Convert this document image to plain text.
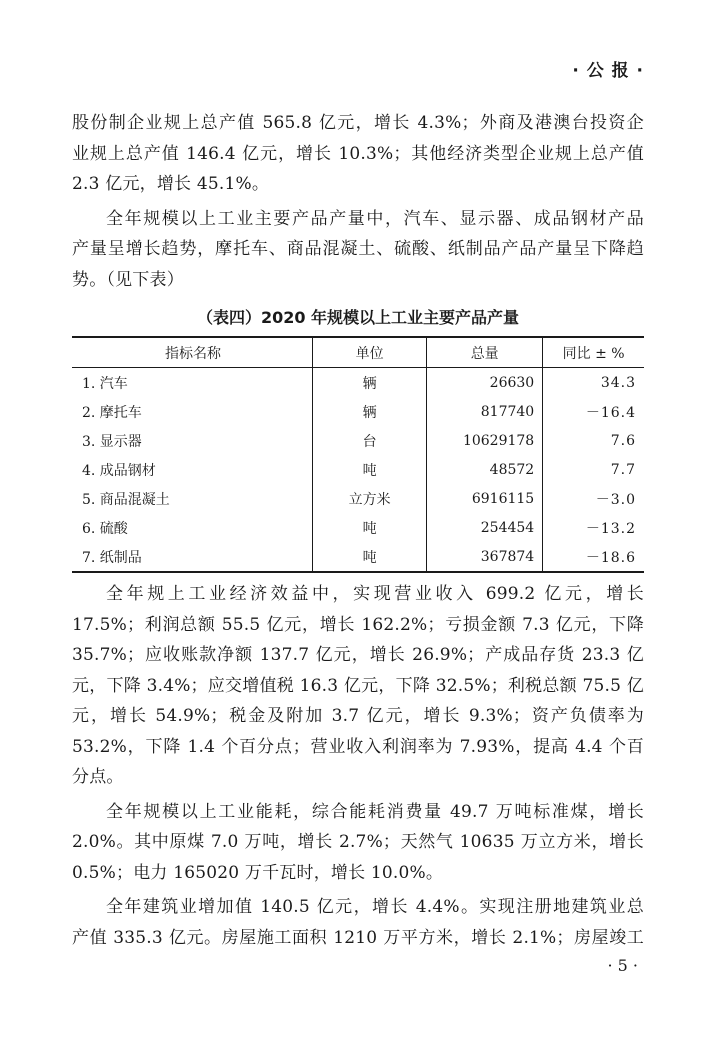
· 公 报 ·

股份制企业规上总产值 565.8 亿元，增长 4.3%；外商及港澳台投资企

业规上总产值 146.4 亿元，增长 10.3%；其他经济类型企业规上总产值

2.3 亿元，增长 45.1%。

全年规模以上工业主要产品产量中，汽车、显示器、成品钢材产品

产量呈增长趋势，摩托车、商品混凝土、硫酸、纸制品产品产量呈下降趋

势。（见下表）

（表四）2020 年规模以上工业主要产品产量
指标名称	单位	总量	同比 ± %
1. 汽车	辆	26630	34.3
2. 摩托车	辆	817740	－16.4
3. 显示器	台	10629178	7.6
4. 成品钢材	吨	48572	7.7
5. 商品混凝土	立方米	6916115	－3.0
6. 硫酸	吨	254454	－13.2
7. 纸制品	吨	367874	－18.6

全年规上工业经济效益中，实现营业收入 699.2 亿元，增长

17.5%；利润总额 55.5 亿元，增长 162.2%；亏损金额 7.3 亿元，下降

35.7%；应收账款净额 137.7 亿元，增长 26.9%；产成品存货 23.3 亿

元，下降 3.4%；应交增值税 16.3 亿元，下降 32.5%；利税总额 75.5 亿

元，增长 54.9%；税金及附加 3.7 亿元，增长 9.3%；资产负债率为

53.2%，下降 1.4 个百分点；营业收入利润率为 7.93%，提高 4.4 个百

分点。

全年规模以上工业能耗，综合能耗消费量 49.7 万吨标准煤，增长

2.0%。其中原煤 7.0 万吨，增长 2.7%；天然气 10635 万立方米，增长

0.5%；电力 165020 万千瓦时，增长 10.0%。

全年建筑业增加值 140.5 亿元，增长 4.4%。实现注册地建筑业总

产值 335.3 亿元。房屋施工面积 1210 万平方米，增长 2.1%；房屋竣工

· 5 ·
